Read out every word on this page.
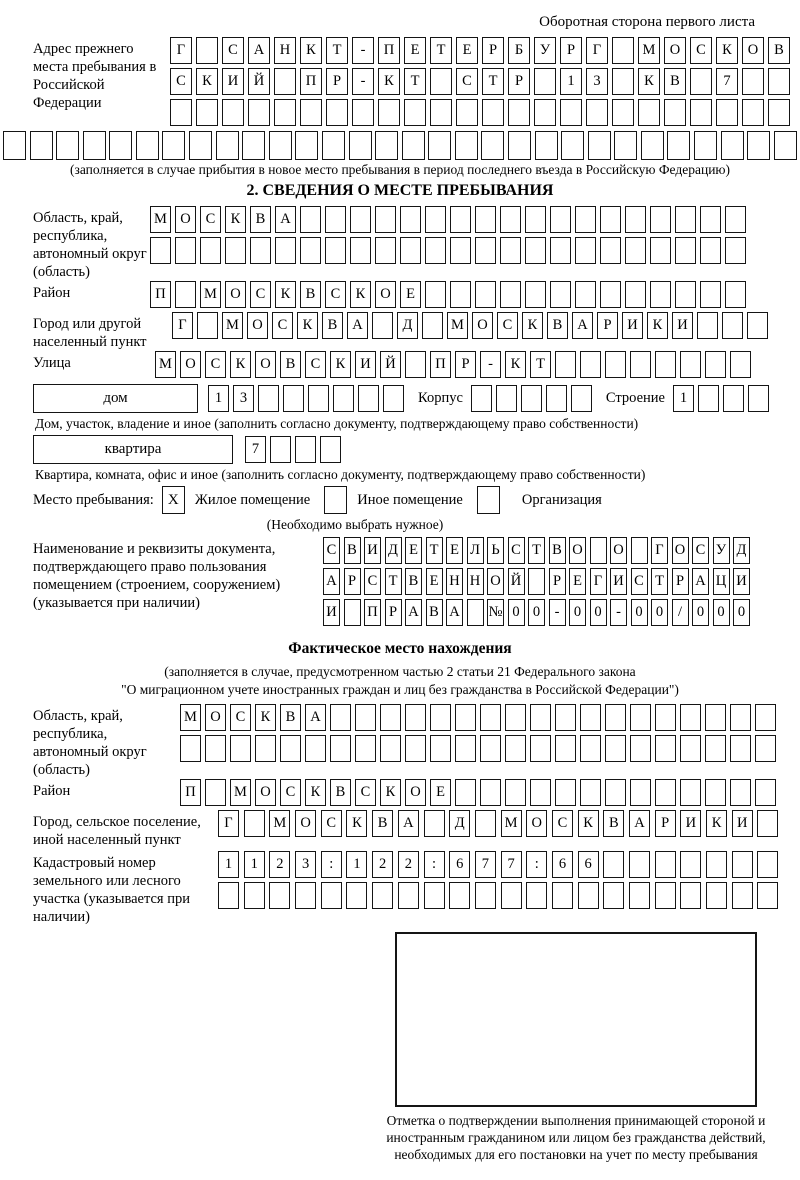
Оборотная сторона первого листа
Адрес прежнего места пребывания в Российской Федерации
Г	С	А	Н	К	Т	-	П	Е	Т	Е	Р	Б	У	Р	Г	М О	С	К	О	В
С	К	И	Й	П	Р	-	К	Т	С	Т	Р	1	3	К	В	7
(заполняется в случае прибытия в новое место пребывания в период последнего въезда в Российскую Федерацию)
2. СВЕДЕНИЯ О МЕСТЕ ПРЕБЫВАНИЯ
Область, край, республика, автономный округ (область)
М О	С	К	В	А
Район	П	М О	С	К	В	С	К	О	Е
Город или другой населенный пункт
Г	М О	С	К	В	А	Д	М О	С	К	В	А	Р	И	К	И
Улица	М О	С	К	О	В	С	К	И	Й	П	Р	-	К	Т
дом	1	3	Корпус	Строение	1
Дом, участок, владение и иное (заполнить согласно документу, подтверждающему право собственности)
квартира	7
Квартира, комната, офис и иное (заполнить согласно документу, подтверждающему право собственности)
Место пребывания: X	Жилое помещение	Иное помещение	Организация
(Необходимо выбрать нужное)
Наименование и реквизиты документа, подтверждающего право пользования помещением (строением, сооружением) (указывается при наличии)
С В И Д Е Т Е Л Ь С Т В О О Г О С У Д
А Р С Т В Е Н Н О Й	Р Е Г И С Т Р А Ц И
И П Р А В А № 0 0 - 0 0 - 0 0	/	0 0 0
Фактическое место нахождения
(заполняется в случае, предусмотренном частью 2 статьи 21 Федерального закона
"О миграционном учете иностранных граждан и лиц без гражданства в Российской Федерации")
Область, край, республика, автономный округ (область)
М О	С	К	В	А
Район	П	М О	С	К	В	С	К	О	Е
Город, сельское поселение, иной населенный пункт
Г	М О	С	К	В	А	Д	М О	С	К	В	А	Р	И	К	И
Кадастровый номер земельного или лесного участка (указывается при наличии)
1	1	2	3	:	1	2	2	:	6	7	7	:	6	6
Отметка о подтверждении выполнения принимающей стороной и иностранным гражданином или лицом без гражданства действий, необходимых для его постановки на учет по месту пребывания
